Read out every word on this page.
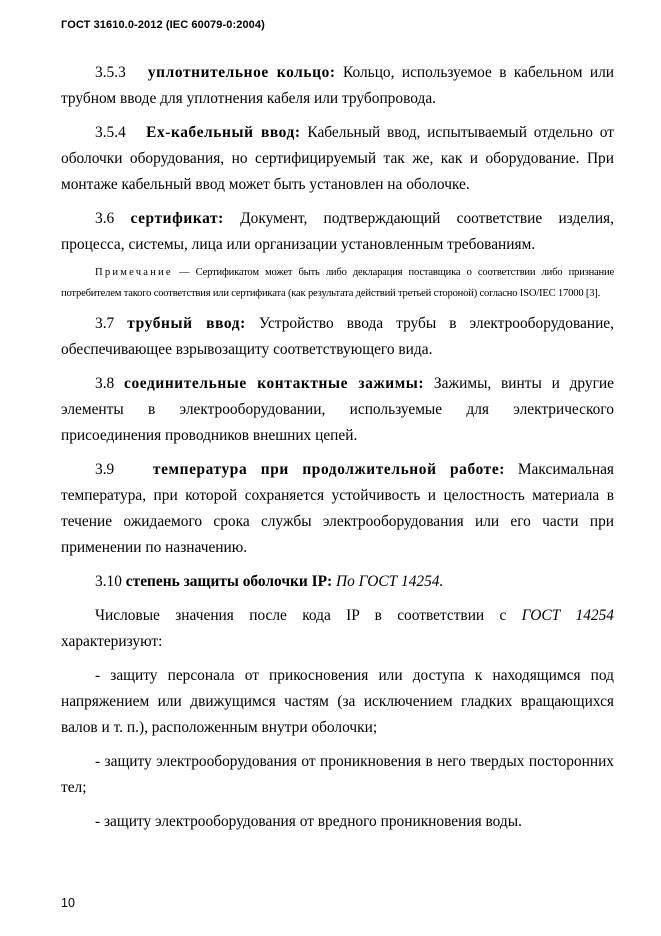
ГОСТ 31610.0-2012 (IEC 60079-0:2004)

3.5.3 уплотнительное кольцо: Кольцо, используемое в кабельном или трубном вводе для уплотнения кабеля или трубопровода.

3.5.4 Ex-кабельный ввод: Кабельный ввод, испытываемый отдельно от оболочки оборудования, но сертифицируемый так же, как и оборудование. При монтаже кабельный ввод может быть установлен на оболочке.

3.6 сертификат: Документ, подтверждающий соответствие изделия, процесса, системы, лица или организации установленным требованиям.

Примечание — Сертификатом может быть либо декларация поставщика о соответствии либо признание потребителем такого соответствия или сертификата (как результата действий третьей стороной) согласно ISO/IEC 17000 [3].

3.7 трубный ввод: Устройство ввода трубы в электрооборудование, обеспечивающее взрывозащиту соответствующего вида.

3.8 соединительные контактные зажимы: Зажимы, винты и другие элементы в электрооборудовании, используемые для электрического присоединения проводников внешних цепей.

3.9	температура при продолжительной работе: Максимальная температура, при которой сохраняется устойчивость и целостность материала в течение ожидаемого срока службы электрооборудования или его части при применении по назначению.

3.10 степень защиты оболочки IP: По ГОСТ 14254.

Числовые значения после кода IP в соответствии с ГОСТ 14254 характеризуют:

- защиту персонала от прикосновения или доступа к находящимся под напряжением или движущимся частям (за исключением гладких вращающихся валов и т. п.), расположенным внутри оболочки;

- защиту электрооборудования от проникновения в него твердых посторонних тел;

- защиту электрооборудования от вредного проникновения воды.

10
